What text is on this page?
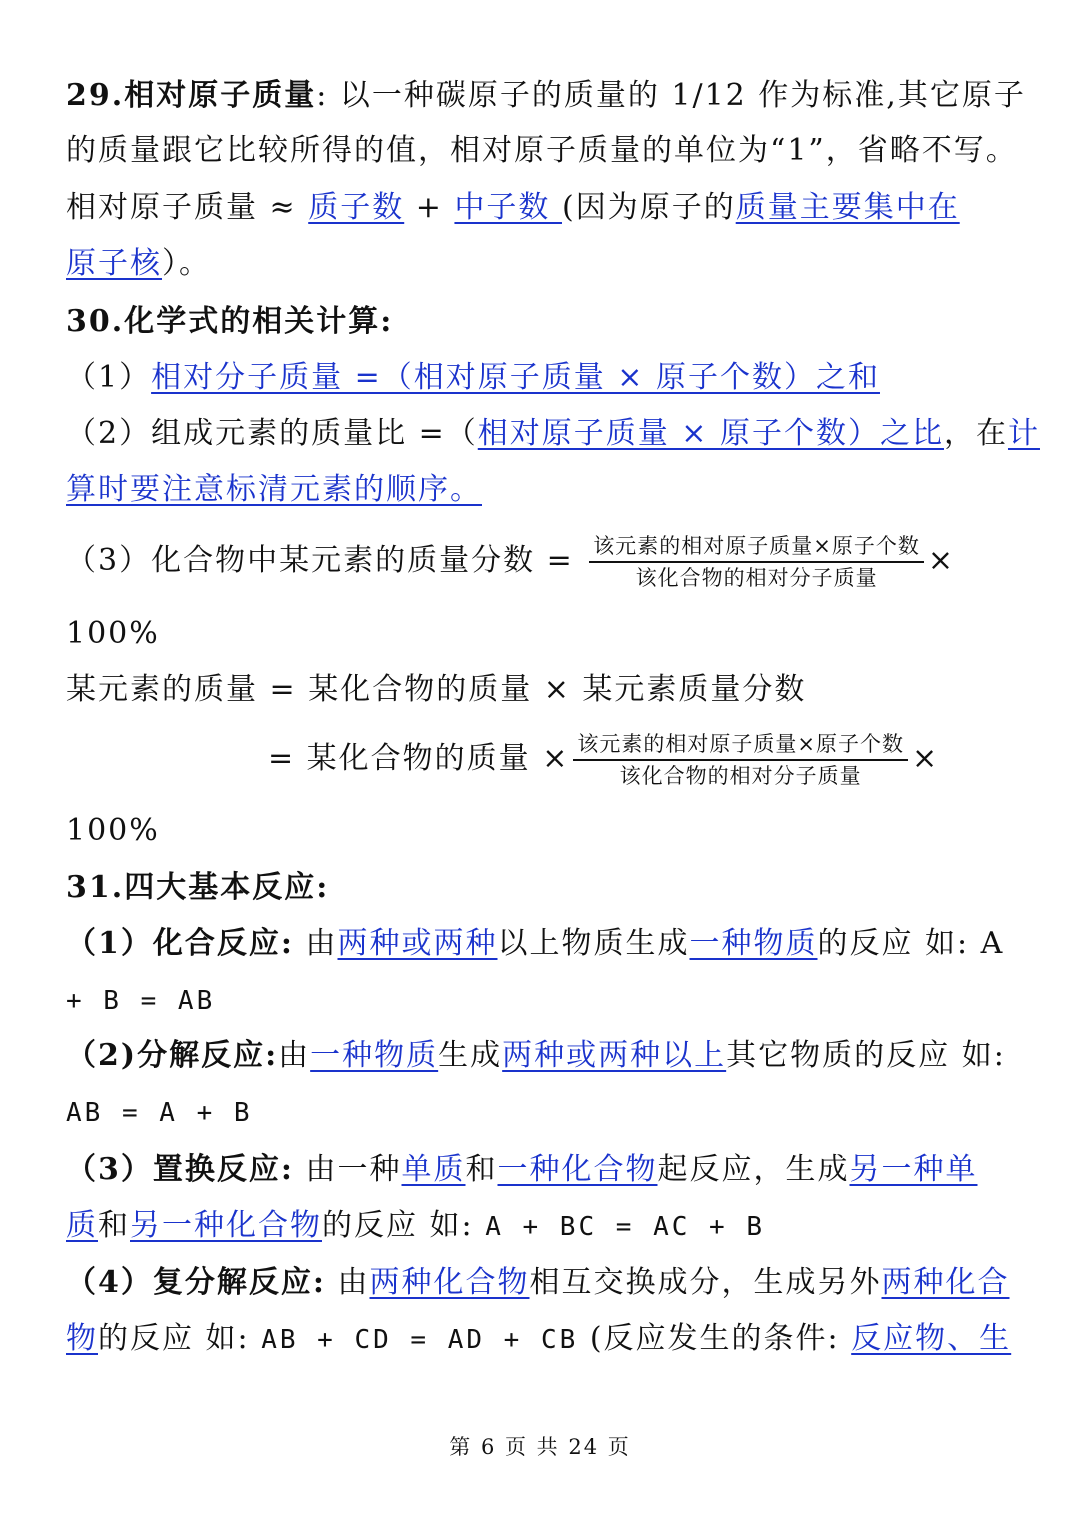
29.相对原子质量: 以一种碳原子的质量的 1/12 作为标准,其它原子
的质量跟它比较所得的值，相对原子质量的单位为“1”，省略不写。
相对原子质量 ≈ 质子数 + 中子数 (因为原子的质量主要集中在
原子核）。
30.化学式的相关计算:
（1）相对分子质量 =（相对原子质量 × 原子个数）之和
（2）组成元素的质量比 =（相对原子质量 × 原子个数）之比，在计
算时要注意标清元素的顺序。
（3）化合物中某元素的质量分数 = $\frac{\text{该元素的相对原子质量×原子个数}}{\text{该化合物的相对分子质量}}$ ×
100%
某元素的质量 = 某化合物的质量 × 某元素质量分数
= 某化合物的质量 × $\frac{\text{该元素的相对原子质量×原子个数}}{\text{该化合物的相对分子质量}}$ ×
100%
31.四大基本反应:
（1）化合反应: 由两种或两种以上物质生成一种物质的反应 如: A
+ B = AB
（2)分解反应:由一种物质生成两种或两种以上其它物质的反应 如:
AB = A + B
（3）置换反应: 由一种单质和一种化合物起反应，生成另一种单
质和另一种化合物的反应 如: A + BC = AC + B
（4）复分解反应: 由两种化合物相互交换成分，生成另外两种化合
物的反应 如: AB + CD = AD + CB (反应发生的条件: 反应物、生
第 6 页 共 24 页
